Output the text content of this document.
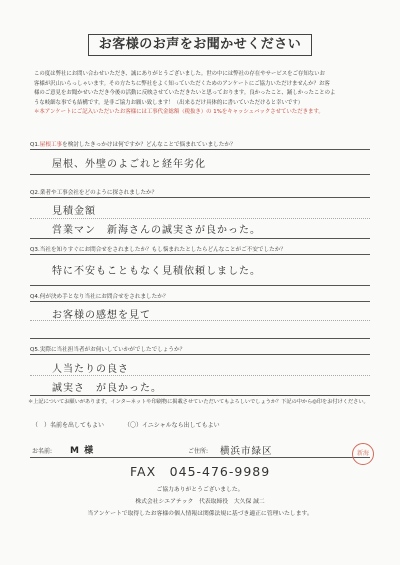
お客様のお声をお聞かせください
この度は弊社にお問い合わせいただき、誠にありがとうございました。世の中には弊社の存在やサービスをご存知ないお
客様が沢山いらっしゃいます。その方たちに弊社をよく知っていただくためのアンケートにご協力いただけませんか？お客
様のご意見をお聞かせいただき今後の活動に反映させていただきたいと思っております。良かったこと、踊しかったことのよ
うな岐細な事でも結構です。是非ご協力お願い致します！（出来るだけ具体的に書いていただけると幸いです）
＊本アンケートにご記入いただいたお客様には工事代金総額（税抜き）の 1%をキャッシュバックさせていただきます。
Q1.屋根工事を検討したきっかけは何ですか？どんなことで悩まれていましたか？
屋根、外壁のよごれと経年劣化
Q2.業者や工事会社をどのように探されましたか？
見積金額
営業マン　新海さんの誠実さが良かった。
Q3.当社を知りすぐにお問合せをされましたか？もし悩まれたとしたらどんなことがご不安でしたか？
特に不安もこともなく見積依頼しました。
Q4.何が決め手となり当社にお問合せをされましたか？
お客様の感想を見て
Q5.実際に当社担当者がお伺いしていかがでしたでしょうか？
人当たりの良さ
誠実さ　が良かった。
＊上記についてお願いがあります。インターネットや印刷物に掲載させていただいてもよろしいでしょうか？下記の中から◎印をお付けください。
（　）名前を出してもよい	（〇）イニシャルなら出してもよい
お名前: M 様	ご住所: 横浜市緑区	新海
FAX　045-476-9989
ご協力ありがとうございました。
株式会社シエアテック　代表取締役　大久保 誠二
当アンケートで取得したお客様の個人情報は関係法規に基づき適正に管理いたします。
